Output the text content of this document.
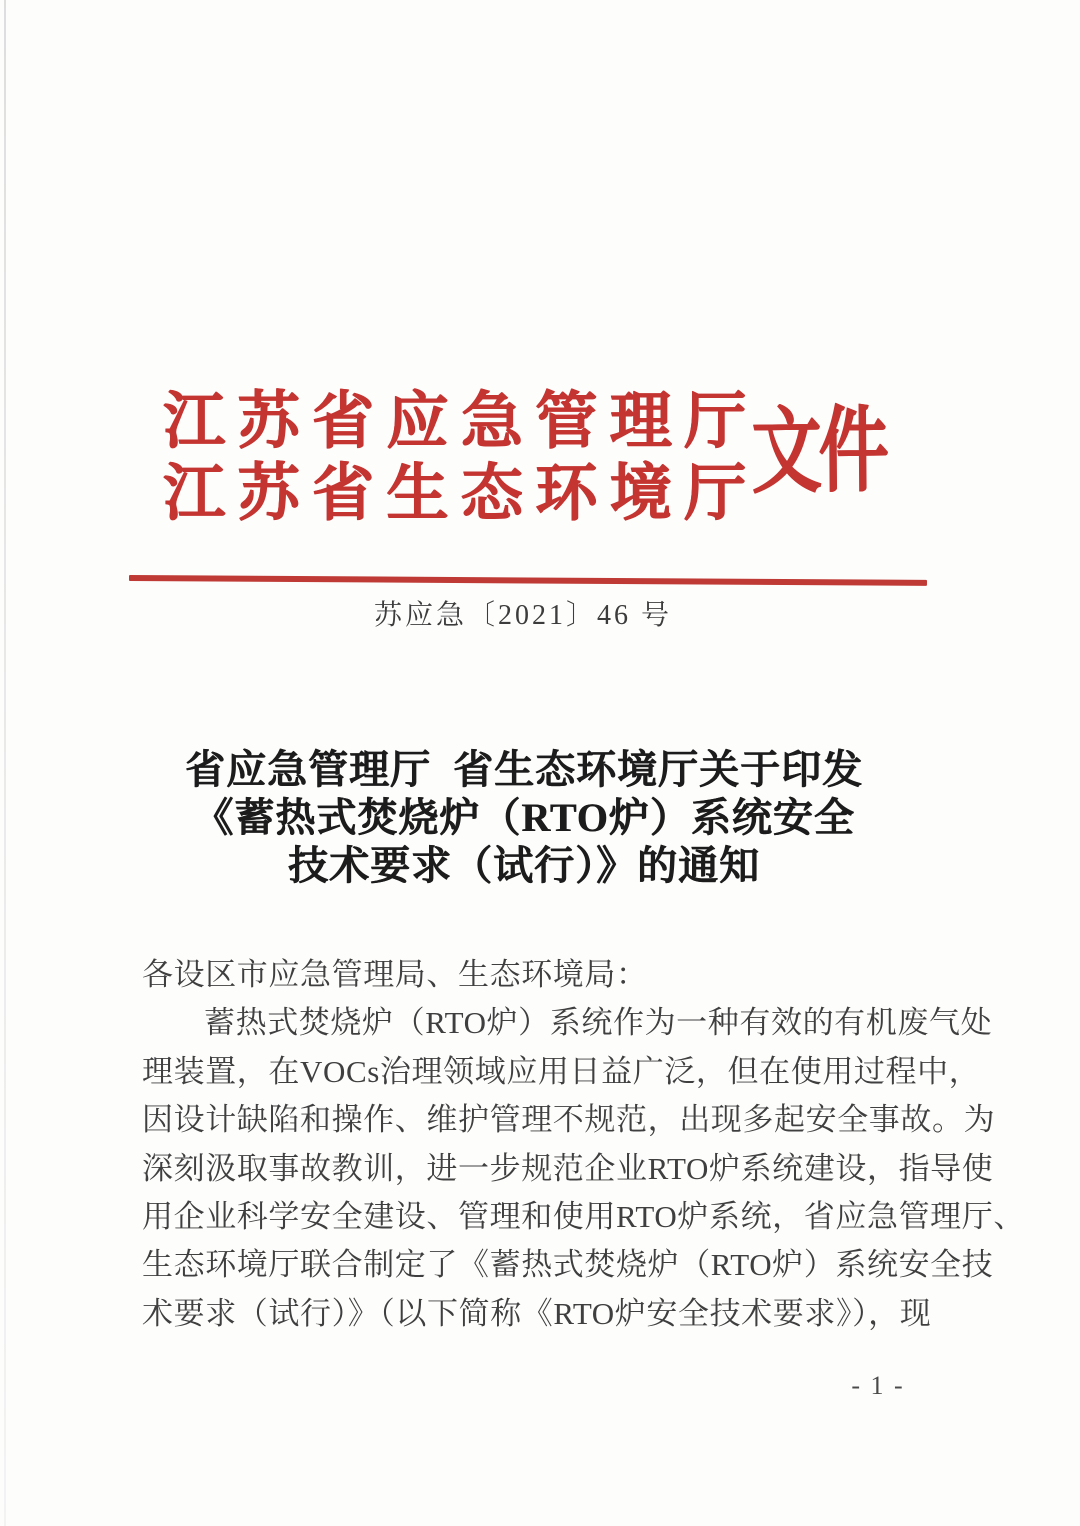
江苏省应急管理厅
江苏省生态环境厅 文件
苏应急〔2021〕46 号
省应急管理厅  省生态环境厅关于印发
《蓄热式焚烧炉（RTO炉）系统安全
技术要求（试行）》的通知
各设区市应急管理局、生态环境局：
蓄热式焚烧炉（RTO炉）系统作为一种有效的有机废气处
理装置，在VOCs治理领域应用日益广泛，但在使用过程中，
因设计缺陷和操作、维护管理不规范，出现多起安全事故。为
深刻汲取事故教训，进一步规范企业RTO炉系统建设，指导使
用企业科学安全建设、管理和使用RTO炉系统，省应急管理厅、
生态环境厅联合制定了《蓄热式焚烧炉（RTO炉）系统安全技
术要求（试行）》（以下简称《RTO炉安全技术要求》），现
- 1 -
